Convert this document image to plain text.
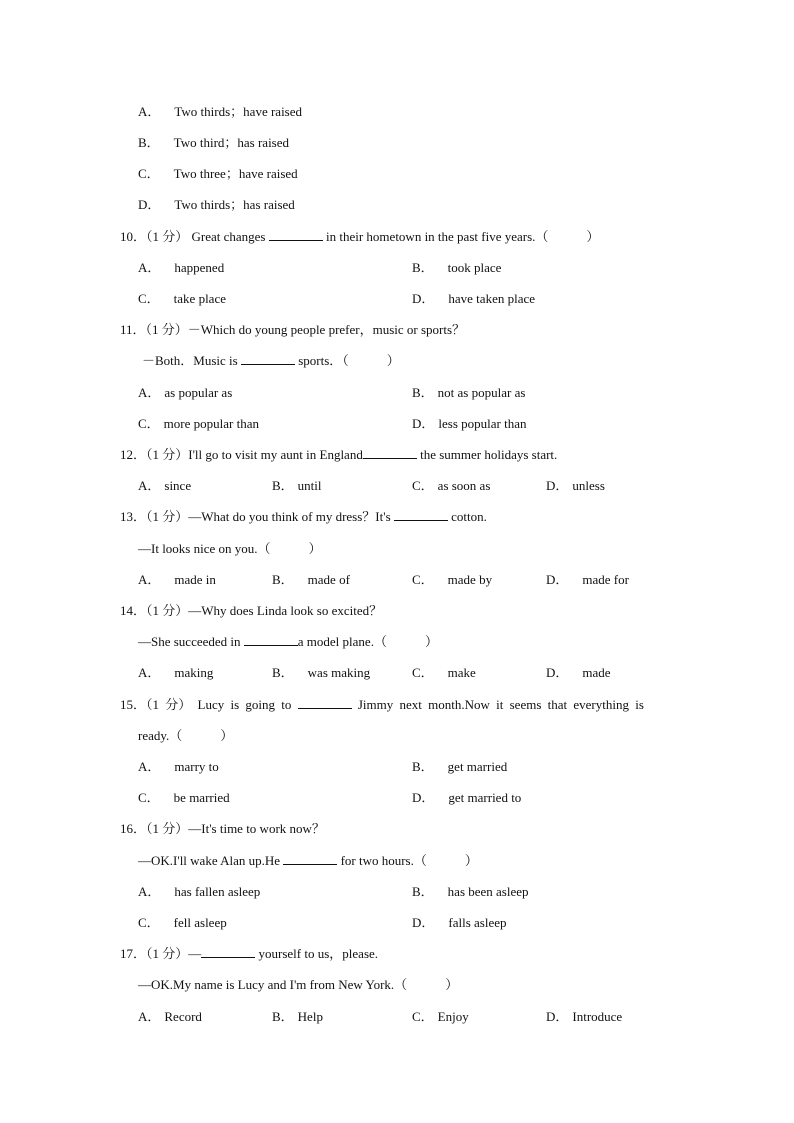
A． Two thirds；have raised
B． Two third；has raised
C． Two three；have raised
D． Two thirds；has raised
10．（1 分） Great changes	in their hometown in the past five years.（	）
A． happened	B． took place
C． take place	D． have taken place
11．（1 分）－Which do young people prefer，music or sports？
－Both．Music is	sports．（	）
A． as popular as	B． not as popular as
C． more popular than	D． less popular than
12．（1 分）I'll go to visit my aunt in England	the summer holidays start.
A． since	B． until	C． as soon as	D． unless
13．（1 分）—What do you think of my dress？It's	cotton.
—It looks nice on you.（	）
A． made in	B． made of	C． made by	D． made for
14．（1 分）—Why does Linda look so excited？
—She succeeded in	a model plane.（	）
A． making	B． was making	C． make	D． made
15．（1 分） Lucy is going to	Jimmy next month.Now it seems that everything is
ready.（	）
A． marry to	B． get married
C． be married	D． get married to
16．（1 分）—It's time to work now？
—OK.I'll wake Alan up.He	for two hours.（	）
A． has fallen asleep	B． has been asleep
C． fell asleep	D． falls asleep
17．（1 分）—	yourself to us，please.
—OK.My name is Lucy and I'm from New York.（	）
A． Record	B． Help	C． Enjoy	D． Introduce
